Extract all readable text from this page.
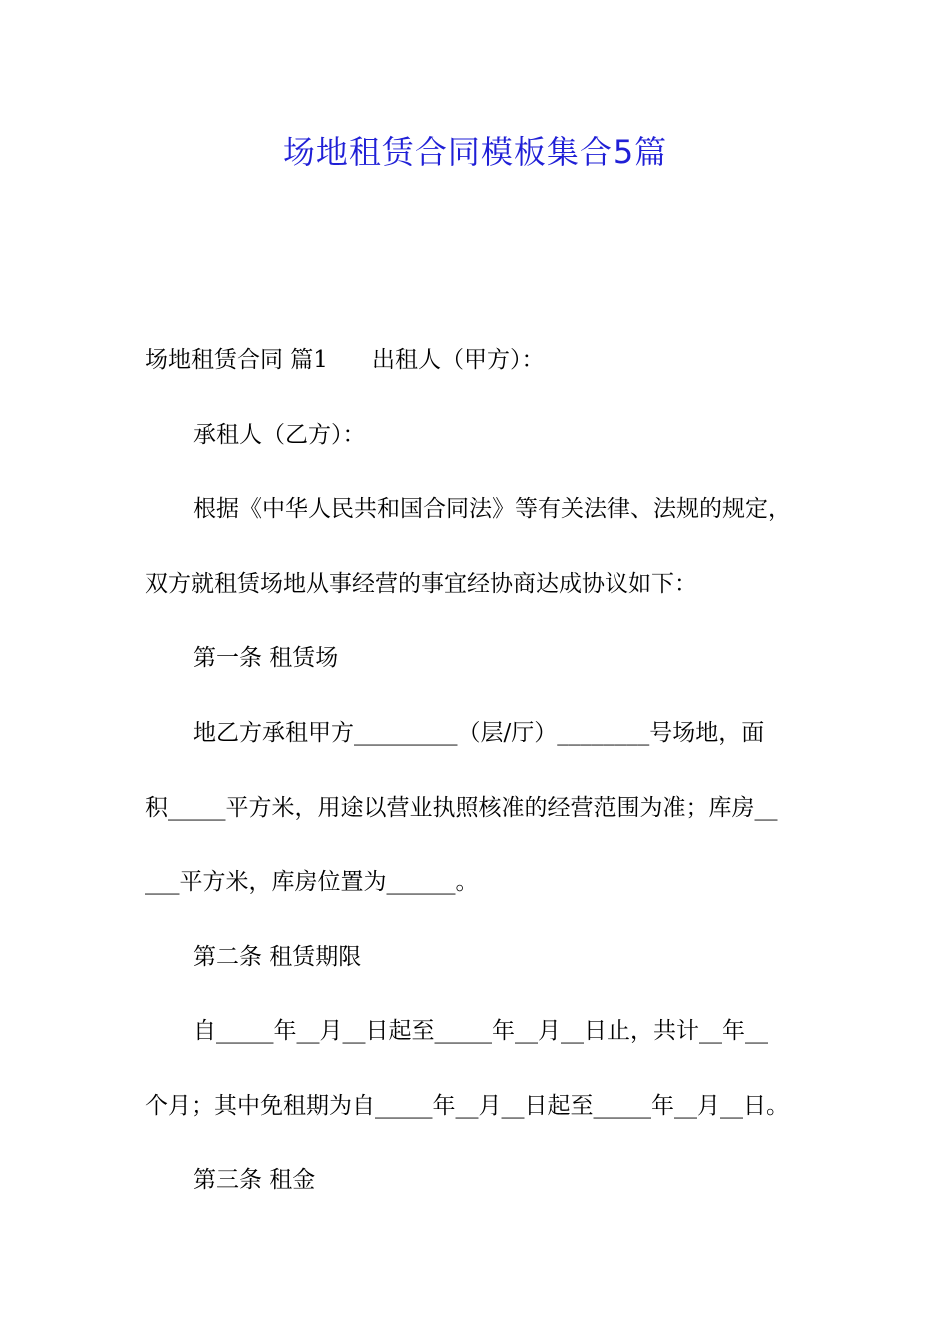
场地租赁合同模板集合5篇

场地租赁合同 篇1 出租人（甲方）：

承租人（乙方）：

根据《中华人民共和国合同法》等有关法律、法规的规定，

双方就租赁场地从事经营的事宜经协商达成协议如下：

第一条 租赁场

地乙方承租甲方_________（层/厅）________号场地，面

积_____平方米，用途以营业执照核准的经营范围为准；库房__

___平方米，库房位置为______。

第二条 租赁期限

自_____年__月__日起至_____年__月__日止，共计__年__

个月；其中免租期为自_____年__月__日起至_____年__月__日。

第三条 租金
